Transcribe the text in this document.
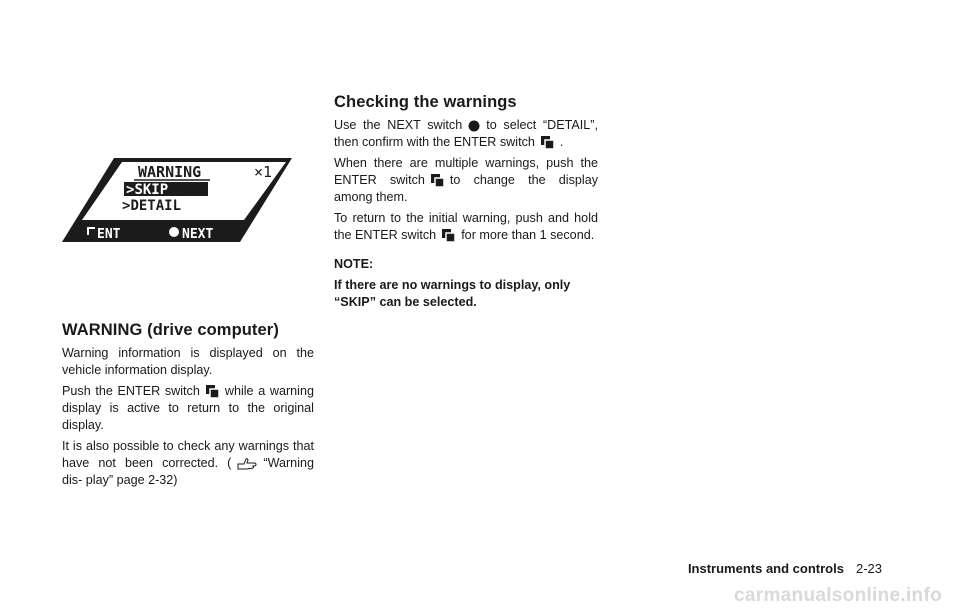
WARNING	×1
>SKIP
>DETAIL
ENT	NEXT
WARNING (drive computer)

Warning information is displayed on the vehicle information display.

Push the ENTER switch while a warning display is active to return to the original display.

It is also possible to check any warnings that have not been corrected. (	“Warning dis- play” page 2-32)

Checking the warnings

Use the NEXT switch to select “DETAIL”, then confirm with the ENTER switch .

When there are multiple warnings, push the ENTER switch to change the display among them.

To return to the initial warning, push and hold the ENTER switch for more than 1 second.

NOTE:

If there are no warnings to display, only “SKIP” can be selected.

Instruments and controls 2-23
carmanualsonline.info
